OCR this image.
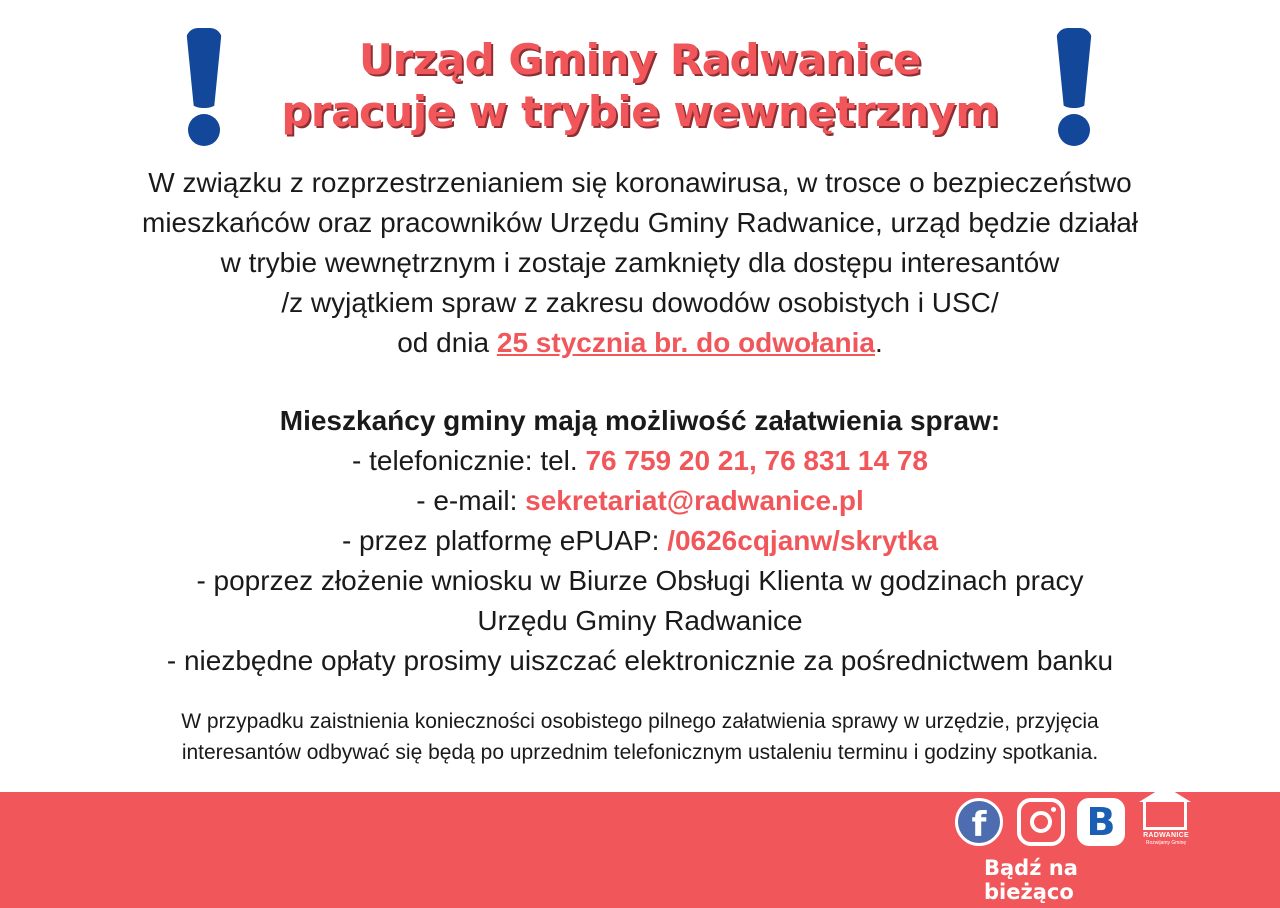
Urząd Gminy Radwanice
pracuje w trybie wewnętrznym
W związku z rozprzestrzenianiem się koronawirusa, w trosce o bezpieczeństwo
mieszkańców oraz pracowników Urzędu Gminy Radwanice, urząd będzie działał
w trybie wewnętrznym i zostaje zamknięty dla dostępu interesantów
/z wyjątkiem spraw z zakresu dowodów osobistych i USC/
od dnia 25 stycznia br. do odwołania.
Mieszkańcy gminy mają możliwość załatwienia spraw:
- telefonicznie: tel. 76 759 20 21, 76 831 14 78
- e-mail: sekretariat@radwanice.pl
- przez platformę ePUAP: /0626cqjanw/skrytka
- poprzez złożenie wniosku w Biurze Obsługi Klienta w godzinach pracy
Urzędu Gminy Radwanice
- niezbędne opłaty prosimy uiszczać elektronicznie za pośrednictwem banku
W przypadku zaistnienia konieczności osobistego pilnego załatwienia sprawy w urzędzie, przyjęcia
interesantów odbywać się będą po uprzednim telefonicznym ustaleniu terminu i godziny spotkania.
f	B	RADWANICE
Rozwijamy Gminę
Bądź na bieżąco
